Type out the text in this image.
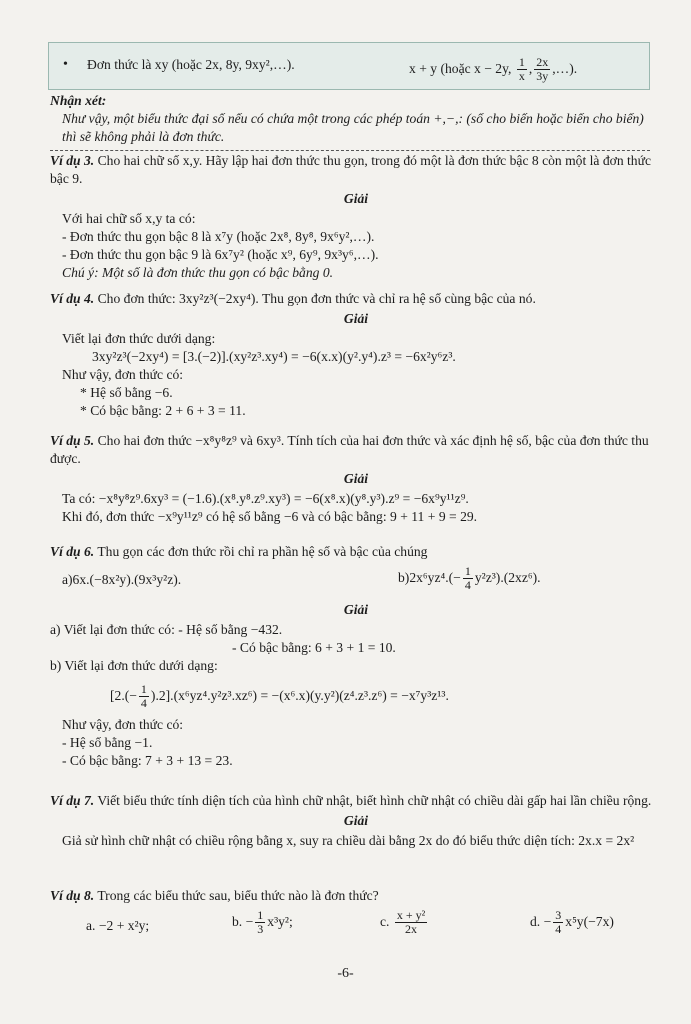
• Đơn thức là xy (hoặc 2x, 8y, 9xy²,…).	x + y (hoặc x − 2y, $\frac{1}{x}$ , $\frac{2x}{3y}$ ,…).
Nhận xét:
Như vậy, một biểu thức đại số nếu có chứa một trong các phép toán +,−,: (số cho biến hoặc biến cho biến) thì sẽ không phải là đơn thức.
Ví dụ 3. Cho hai chữ số x,y. Hãy lập hai đơn thức thu gọn, trong đó một là đơn thức bậc 8 còn một là đơn thức bậc 9.
Giải
Với hai chữ số x,y ta có:
- Đơn thức thu gọn bậc 8 là x⁷y (hoặc 2x⁸, 8y⁸, 9x⁶y²,…).
- Đơn thức thu gọn bậc 9 là 6x⁷y² (hoặc x⁹, 6y⁹, 9x³y⁶,…).
Chú ý: Một số là đơn thức thu gọn có bậc bằng 0.
Ví dụ 4. Cho đơn thức: 3xy²z³(−2xy⁴). Thu gọn đơn thức và chỉ ra hệ số cùng bậc của nó.
Giải
Viết lại đơn thức dưới dạng:
3xy²z³(−2xy⁴) = [3.(−2)].(xy²z³.xy⁴) = −6(x.x)(y².y⁴).z³ = −6x²y⁶z³.
Như vậy, đơn thức có:
* Hệ số bằng −6.
* Có bậc bằng: 2 + 6 + 3 = 11.
Ví dụ 5. Cho hai đơn thức −x⁸y⁸z⁹ và 6xy³. Tính tích của hai đơn thức và xác định hệ số, bậc của đơn thức thu được.
Giải
Ta có: −x⁸y⁸z⁹.6xy³ = (−1.6).(x⁸.y⁸.z⁹.xy³) = −6(x⁸.x)(y⁸.y³).z⁹ = −6x⁹y¹¹z⁹.
Khi đó, đơn thức −x⁹y¹¹z⁹ có hệ số bằng −6 và có bậc bằng: 9 + 11 + 9 = 29.
Ví dụ 6. Thu gọn các đơn thức rồi chỉ ra phần hệ số và bậc của chúng
a)6x.(−8x²y).(9x³y²z).	$b)2x^6yz^4.(- \frac{1}{4} y^2z^3).(2xz^6)$.
Giải
a) Viết lại đơn thức có: - Hệ số bằng −432.
- Có bậc bằng: 6 + 3 + 1 = 10.
b) Viết lại đơn thức dưới dạng:
$[2.(- \frac{1}{4} ).2].(x^6yz^4.y^2z^3.xz^6) = -(x^6.x)(y.y^2)(z^4.z^3.z^6) = -x^7y^3z^{13}$.
Như vậy, đơn thức có:
- Hệ số bằng −1.
- Có bậc bằng: 7 + 3 + 13 = 23.
Ví dụ 7. Viết biểu thức tính diện tích của hình chữ nhật, biết hình chữ nhật có chiều dài gấp hai lần chiều rộng.
Giải
Giả sử hình chữ nhật có chiều rộng bằng x, suy ra chiều dài bằng 2x do đó biểu thức diện tích: 2x.x = 2x²
Ví dụ 8. Trong các biểu thức sau, biểu thức nào là đơn thức?
a. −2 + x²y;	b. − $\frac{1}{3} x^3y^2$;	c. $\frac{\text{x + y²}}{2x}$	d. − $\frac{3}{4} x^5y(-7x)$
-6-
